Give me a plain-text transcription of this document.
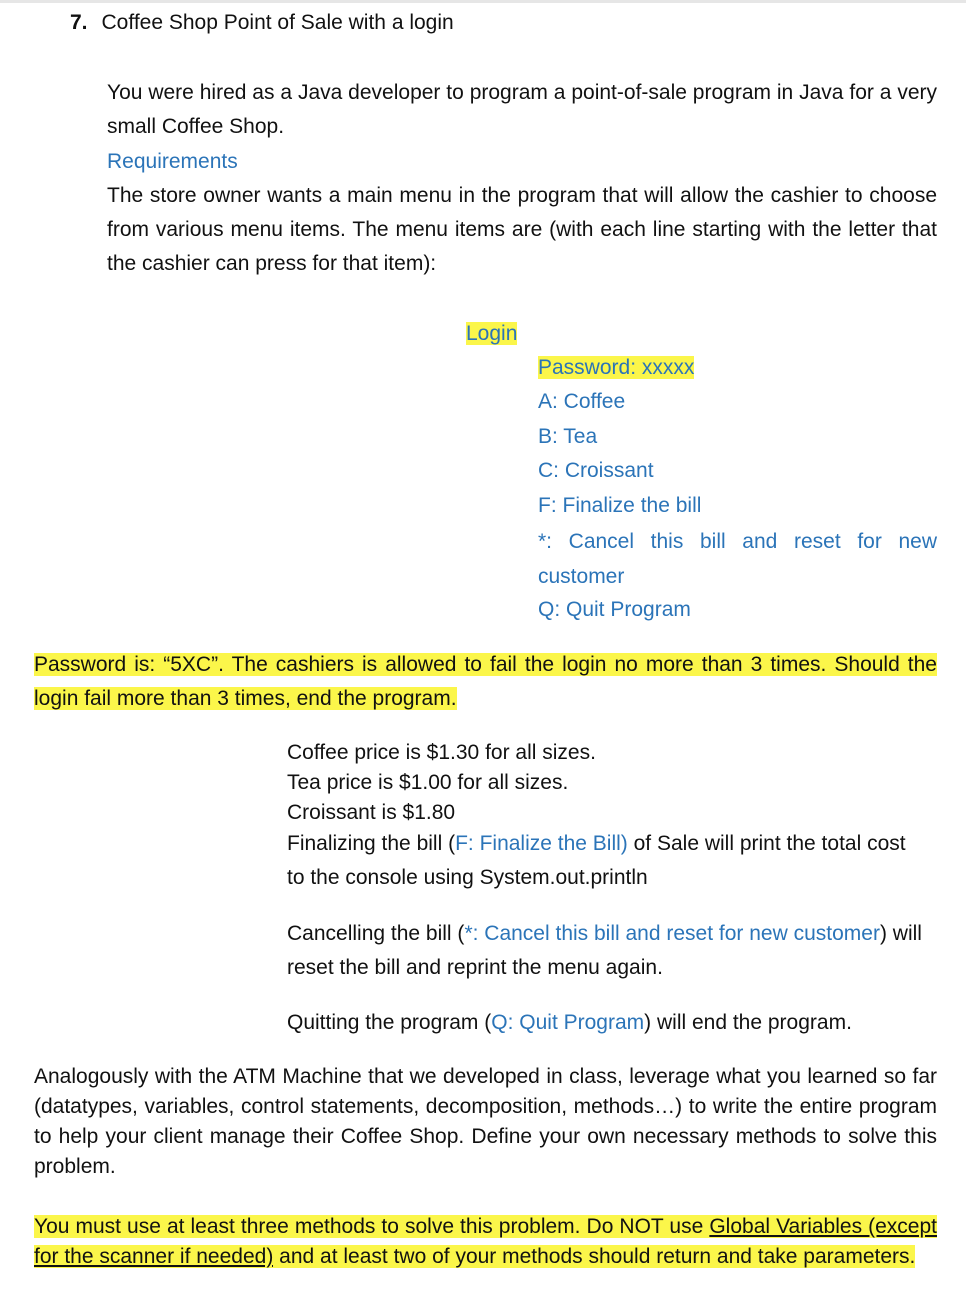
7. Coffee Shop Point of Sale with a login
You were hired as a Java developer to program a point-of-sale program in Java for a very small Coffee Shop.
Requirements
The store owner wants a main menu in the program that will allow the cashier to choose from various menu items. The menu items are (with each line starting with the letter that the cashier can press for that item):
Login
Password: xxxxx
A: Coffee
B: Tea
C: Croissant
F: Finalize the bill
*: Cancel this bill and reset for new customer
Q: Quit Program
Password is: “5XC”. The cashiers is allowed to fail the login no more than 3 times. Should the login fail more than 3 times, end the program.
Coffee price is $1.30 for all sizes.
Tea price is $1.00 for all sizes.
Croissant is $1.80
Finalizing the bill (F: Finalize the Bill) of Sale will print the total cost to the console using System.out.println
Cancelling the bill (*: Cancel this bill and reset for new customer) will reset the bill and reprint the menu again.
Quitting the program (Q: Quit Program) will end the program.
Analogously with the ATM Machine that we developed in class, leverage what you learned so far (datatypes, variables, control statements, decomposition, methods…) to write the entire program to help your client manage their Coffee Shop. Define your own necessary methods to solve this problem.
You must use at least three methods to solve this problem. Do NOT use Global Variables (except for the scanner if needed) and at least two of your methods should return and take parameters.
